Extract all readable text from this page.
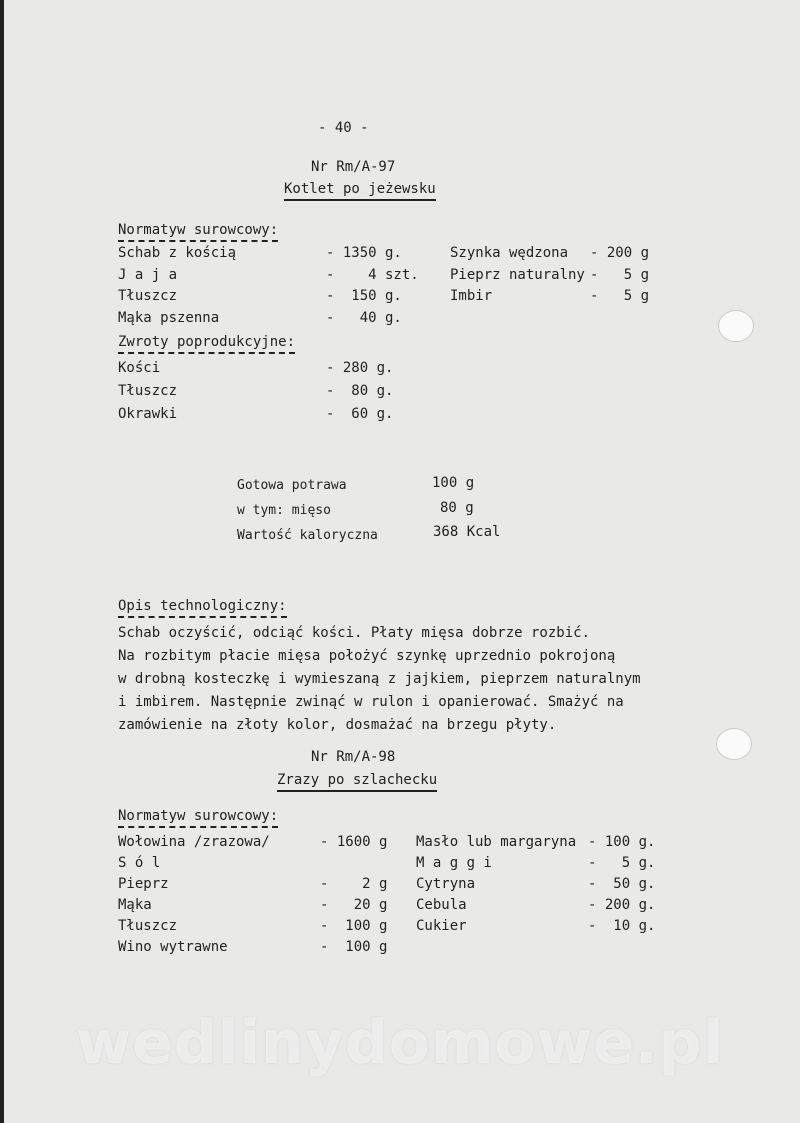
- 40 -
Nr Rm/A-97
Kotlet po jeżewsku
Normatyw surowcowy:
Schab z kością	- 1350 g.
J a j a	-    4 szt.
Tłuszcz	-  150 g.
Mąka pszenna	-   40 g.
Szynka wędzona - 200 g
Pieprz naturalny -   5 g
Imbir	-   5 g
Zwroty poprodukcyjne:
Kości	- 280 g.
Tłuszcz	-  80 g.
Okrawki	-  60 g.
Gotowa potrawa	100 g
w tym: mięso	80 g
Wartość kaloryczna	368 Kcal
Opis technologiczny:
Schab oczyścić, odciąć kości. Płaty mięsa dobrze rozbić.
Na rozbitym płacie mięsa położyć szynkę uprzednio pokrojoną
w drobną kosteczkę i wymieszaną z jajkiem, pieprzem naturalnym
i imbirem. Następnie zwinąć w rulon i opanierować. Smażyć na
zamówienie na złoty kolor, dosmażać na brzegu płyty.
Nr Rm/A-98
Zrazy po szlachecku
Normatyw surowcowy:
Wołowina /zrazowa/	- 1600 g
S ó l
Pieprz	-    2 g
Mąka	-   20 g
Tłuszcz	-  100 g
Wino wytrawne	-  100 g
Masło lub margaryna - 100 g.
M a g g i	-   5 g.
Cytryna	-  50 g.
Cebula	- 200 g.
Cukier	-  10 g.
wedlinydomowe.pl
